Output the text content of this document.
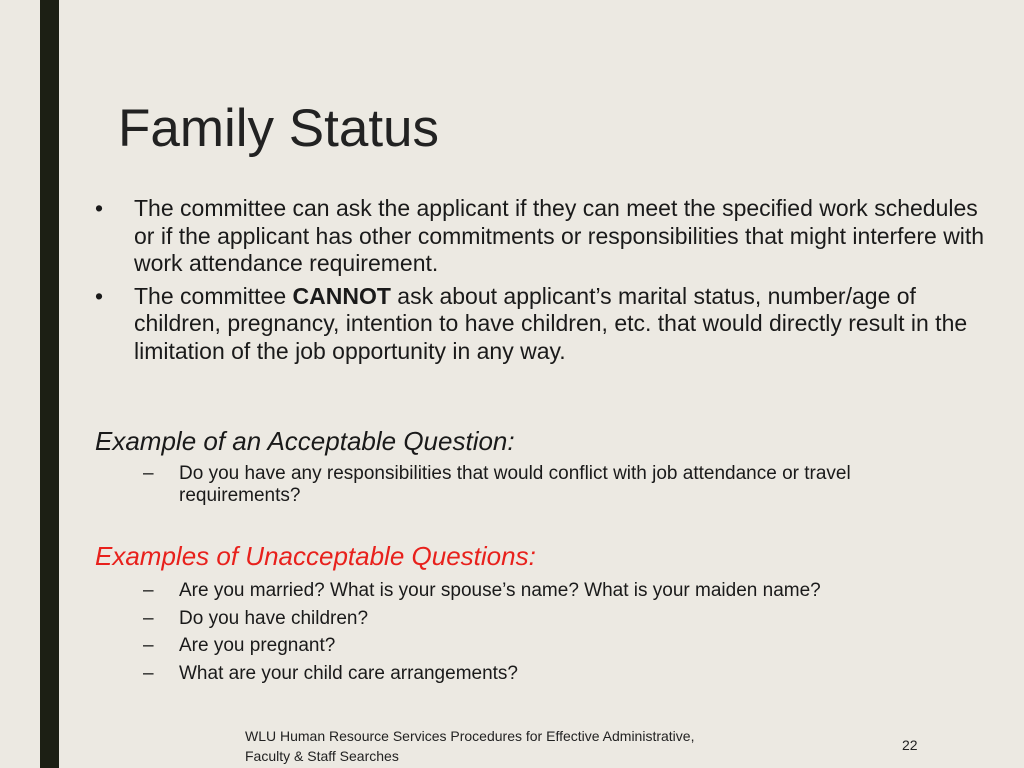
Family Status
•	The committee can ask the applicant if they can meet the specified work schedules or if the applicant has other commitments or responsibilities that might interfere with work attendance requirement.
•	The committee CANNOT ask about applicant’s marital status, number/age of children, pregnancy, intention to have children, etc. that would directly result in the limitation of the job opportunity in any way.
Example of an Acceptable Question:
–	Do you have any responsibilities that would conflict with job attendance or travel requirements?
Examples of Unacceptable Questions:
–	Are you married? What is your spouse’s name? What is your maiden name?
–	Do you have children?
–	Are you pregnant?
–	What are your child care arrangements?
WLU Human Resource Services Procedures for Effective Administrative,
Faculty & Staff Searches
22
